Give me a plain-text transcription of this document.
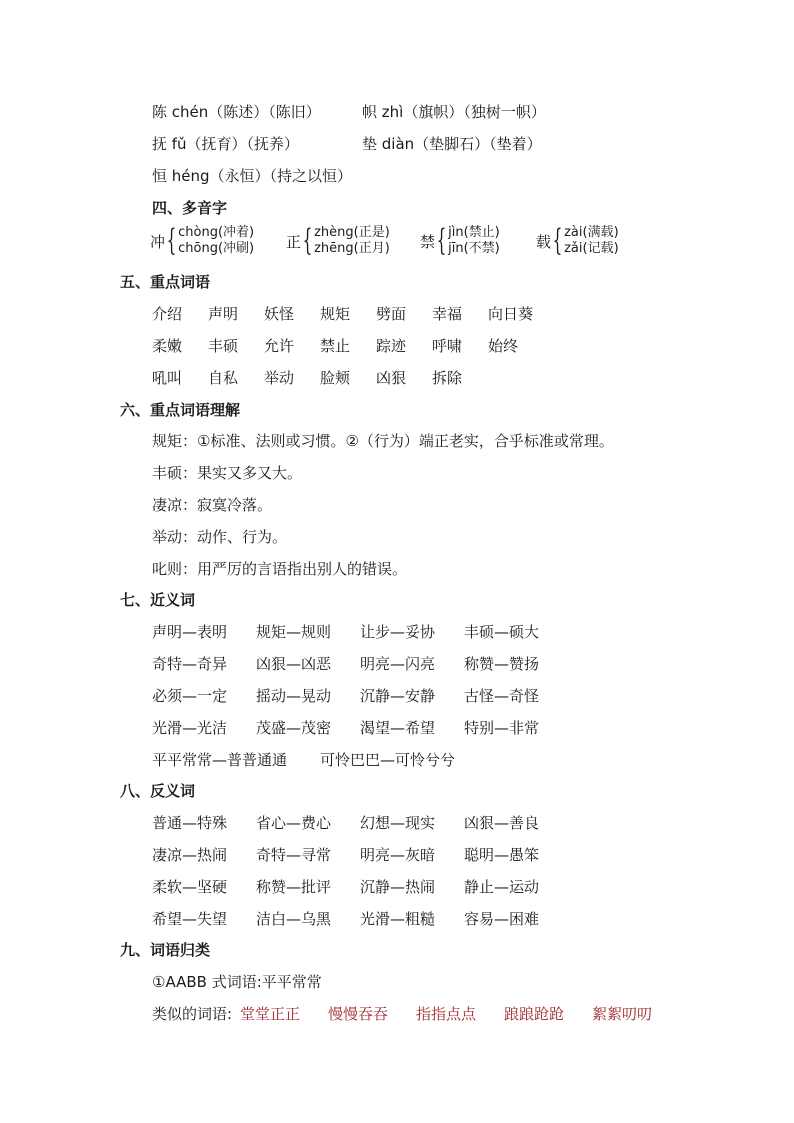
陈 chén（陈述）（陈旧）	帜 zhì（旗帜）（独树一帜）
抚 fǔ（抚育）（抚养）	垫 diàn（垫脚石）（垫着）
恒 héng（永恒）（持之以恒）
四、多音字
冲 { chòng(冲着)
chōng(冲刷) 正 { zhèng(正是)
zhēng(正月) 禁 { jìn(禁止)
jīn(不禁) 载 { zài(满载)
zǎi(记载)
五、重点词语
介绍 声明 妖怪 规矩 劈面 幸福 向日葵
柔嫩 丰硕 允许 禁止 踪迹 呼啸 始终
吼叫 自私 举动 脸颊 凶狠 拆除
六、重点词语理解
规矩：①标准、法则或习惯。②（行为）端正老实，合乎标准或常理。
丰硕：果实又多又大。
凄凉：寂寞冷落。
举动：动作、行为。
叱则：用严厉的言语指出别人的错误。
七、近义词
声明—表明 规矩—规则 让步—妥协 丰硕—硕大
奇特—奇异 凶狠—凶恶 明亮—闪亮 称赞—赞扬
必须—一定 摇动—晃动 沉静—安静 古怪—奇怪
光滑—光洁 茂盛—茂密 渴望—希望 特别—非常
平平常常—普普通通 可怜巴巴—可怜兮兮
八、反义词
普通—特殊 省心—费心 幻想—现实 凶狠—善良
凄凉—热闹 奇特—寻常 明亮—灰暗 聪明—愚笨
柔软—坚硬 称赞—批评 沉静—热闹 静止—运动
希望—失望 洁白—乌黑 光滑—粗糙 容易—困难
九、词语归类
①AABB 式词语:平平常常
类似的词语: 堂堂正正 慢慢吞吞 指指点点 踉踉跄跄 絮絮叨叨
